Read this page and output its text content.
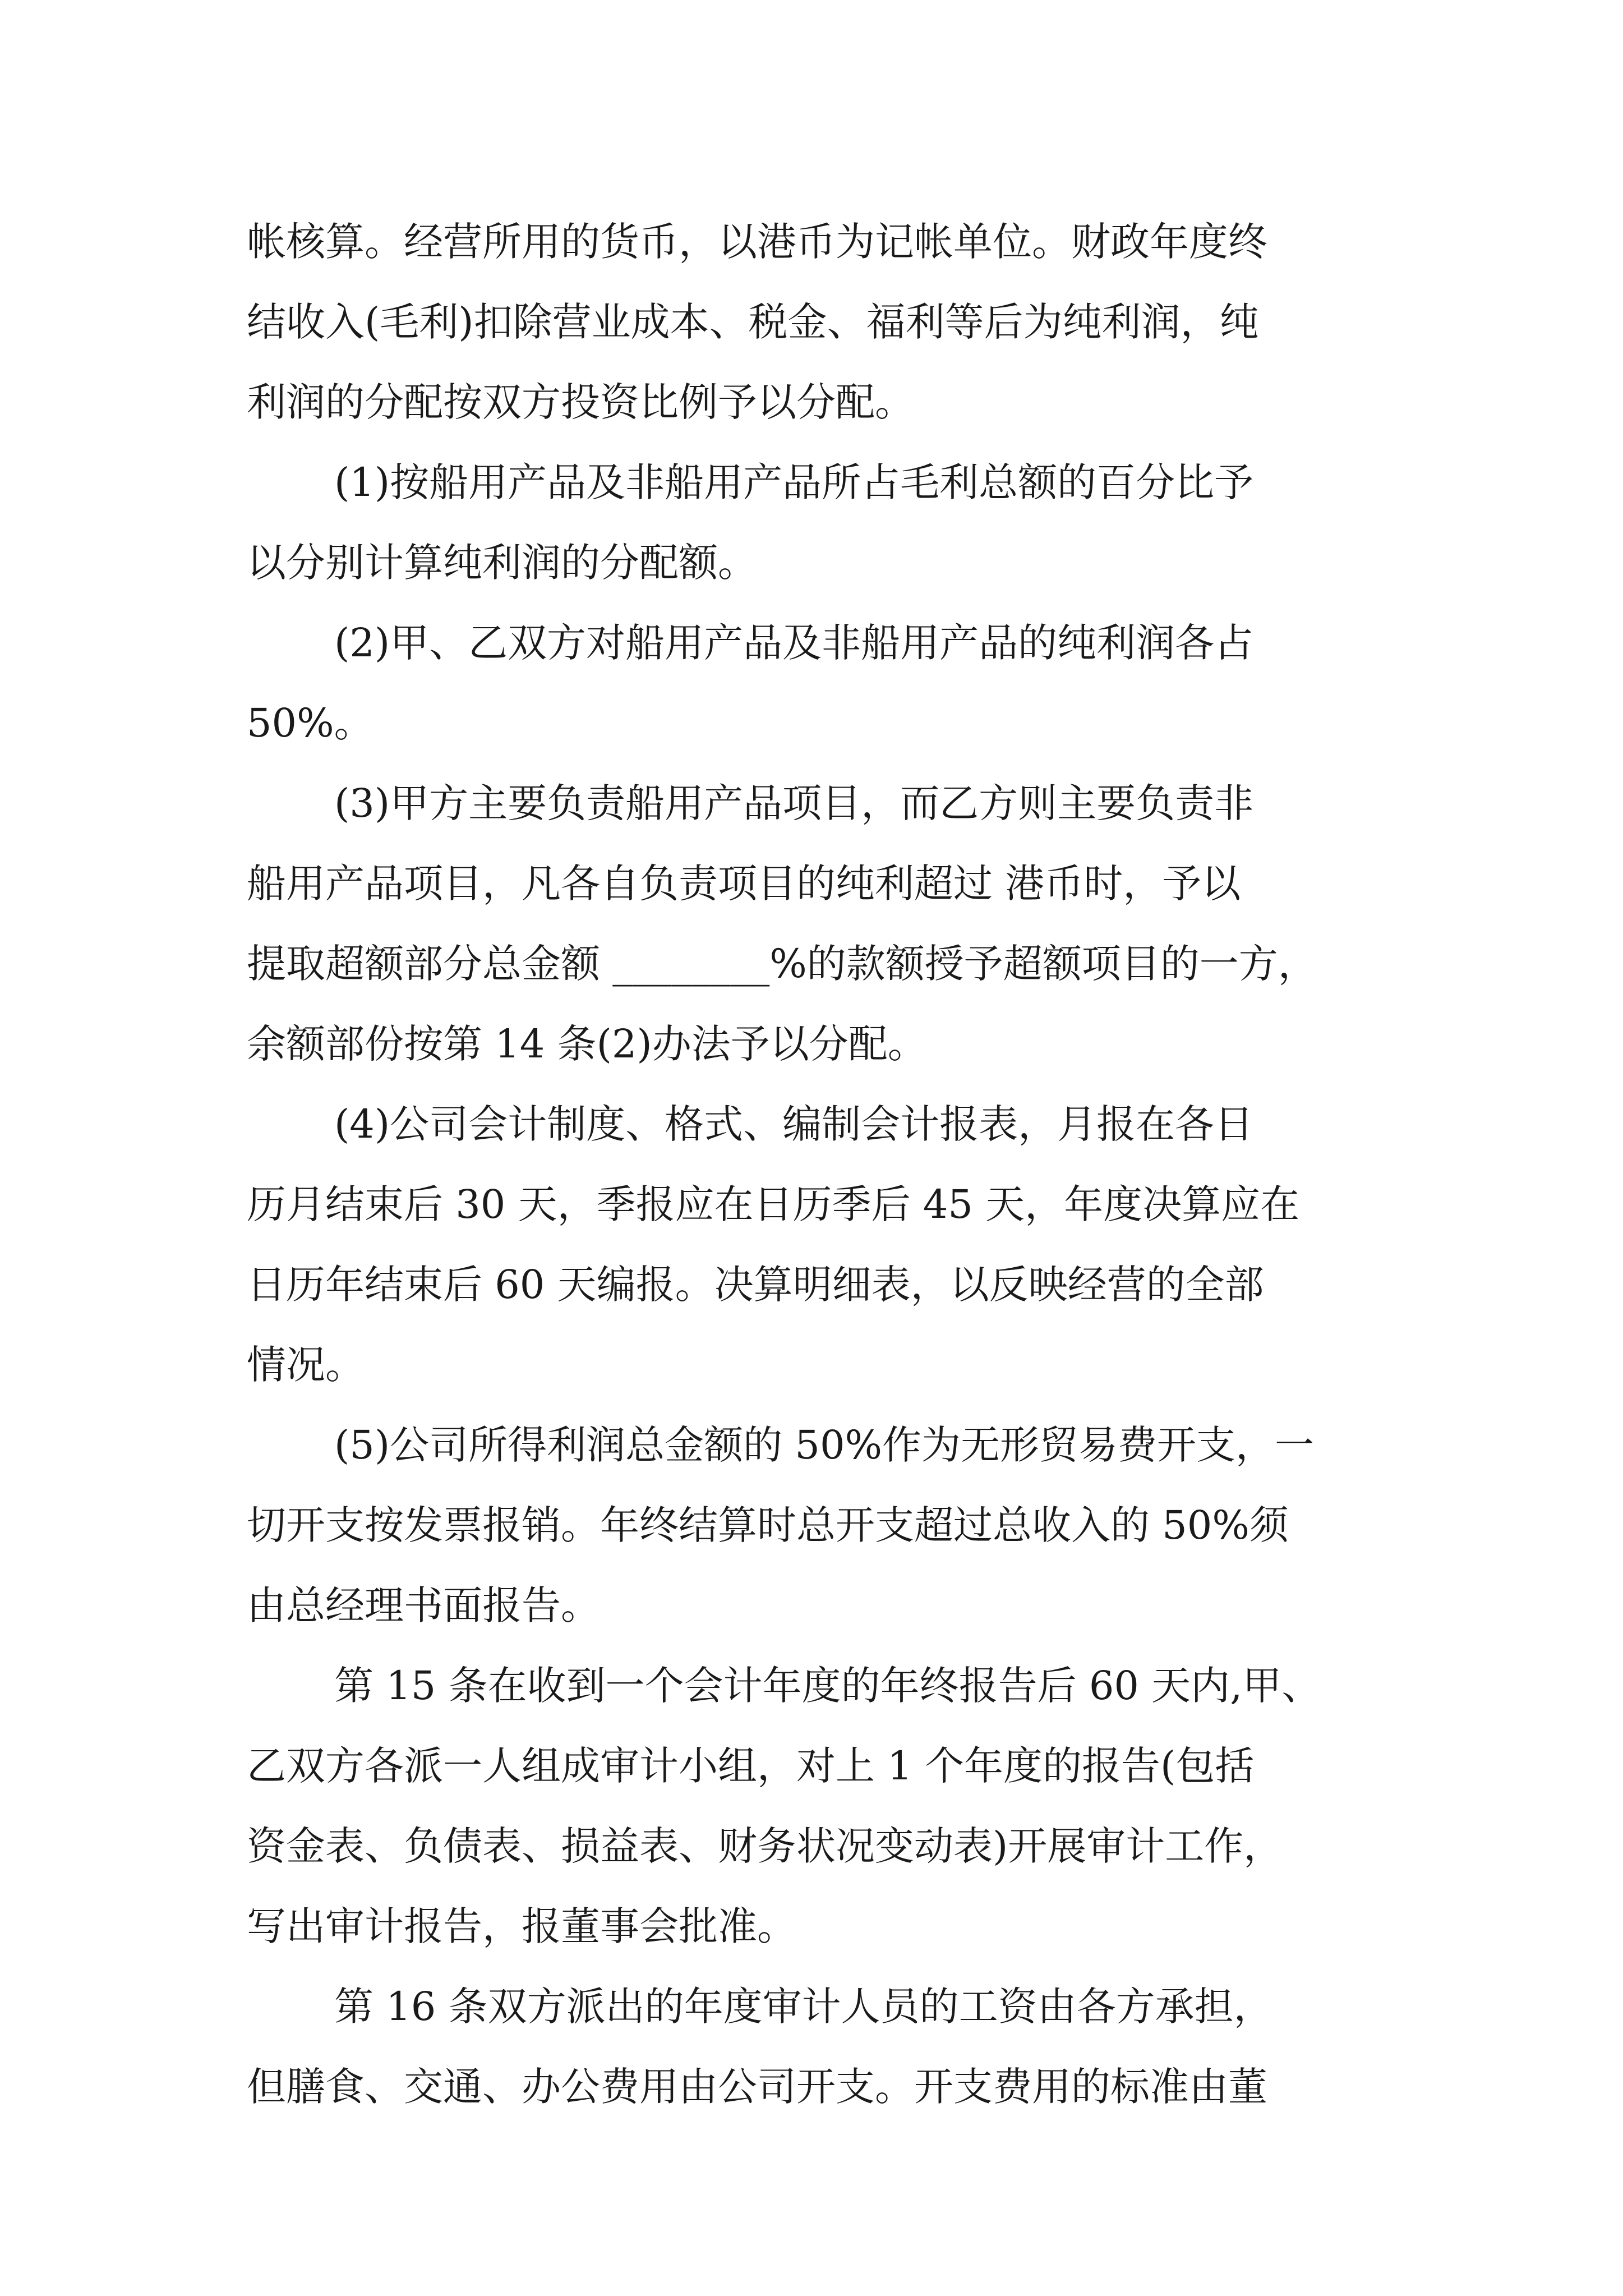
帐核算。经营所用的货币，以港币为记帐单位。财政年度终
结收入(毛利)扣除营业成本、税金、福利等后为纯利润，纯
利润的分配按双方投资比例予以分配。
(1)按船用产品及非船用产品所占毛利总额的百分比予
以分别计算纯利润的分配额。
(2)甲、乙双方对船用产品及非船用产品的纯利润各占
50%。
(3)甲方主要负责船用产品项目，而乙方则主要负责非
船用产品项目，凡各自负责项目的纯利超过 港币时，予以
提取超额部分总金额 ________%的款额授予超额项目的一方，
余额部份按第 14 条(2)办法予以分配。
(4)公司会计制度、格式、编制会计报表，月报在各日
历月结束后 30 天，季报应在日历季后 45 天，年度决算应在
日历年结束后 60 天编报。决算明细表，以反映经营的全部
情况。
(5)公司所得利润总金额的 50%作为无形贸易费开支，一
切开支按发票报销。年终结算时总开支超过总收入的 50%须
由总经理书面报告。
第 15 条在收到一个会计年度的年终报告后 60 天内,甲、
乙双方各派一人组成审计小组，对上 1 个年度的报告(包括
资金表、负债表、损益表、财务状况变动表)开展审计工作，
写出审计报告，报董事会批准。
第 16 条双方派出的年度审计人员的工资由各方承担，
但膳食、交通、办公费用由公司开支。开支费用的标准由董
